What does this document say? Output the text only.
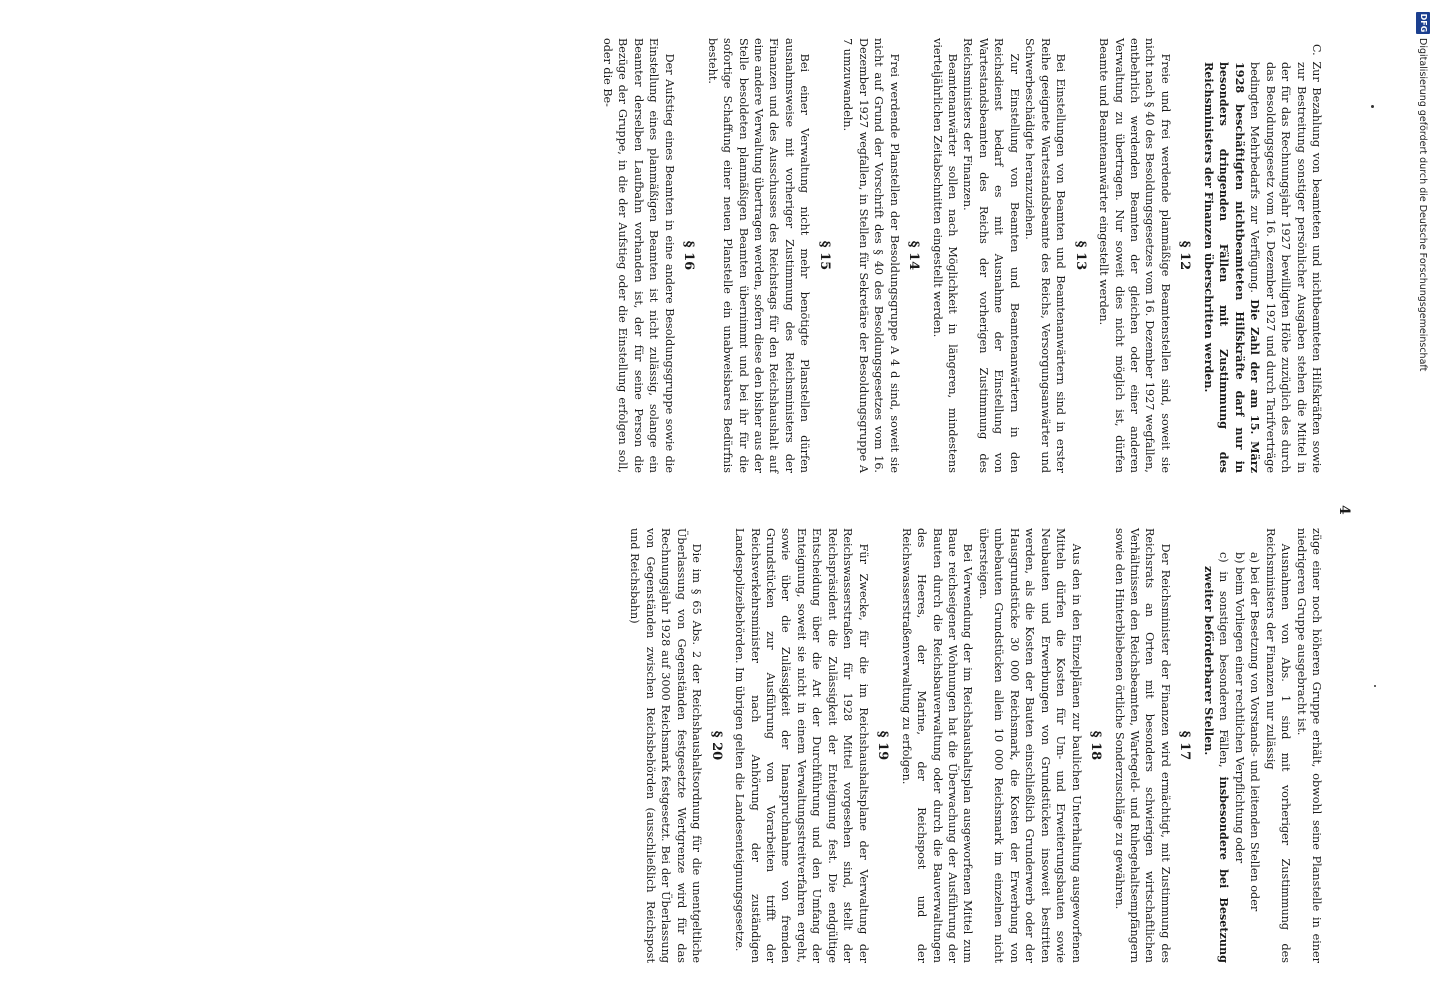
4

C. Zur Bezahlung von beamteten und nichtbeamteten Hilfskräften sowie zur Bestreitung sonstiger persönlicher Ausgaben stehen die Mittel in der für das Rechnungsjahr 1927 bewilligten Höhe zuzüglich des durch das Besoldungsgesetz vom 16. Dezember 1927 und durch Tarifverträge bedingten Mehrbedarfs zur Verfügung. Die Zahl der am 15. März 1928 beschäftigten nichtbeamteten Hilfskräfte darf nur in besonders dringenden Fällen mit Zustimmung des Reichsministers der Finanzen überschritten werden.

§ 12

Freie und frei werdende planmäßige Beamtenstellen sind, soweit sie nicht nach § 40 des Besoldungsgesetzes vom 16. Dezember 1927 wegfallen, entbehrlich werdenden Beamten der gleichen oder einer anderen Verwaltung zu übertragen. Nur soweit dies nicht möglich ist, dürfen Beamte und Beamtenanwärter eingestellt werden.

§ 13

Bei Einstellungen von Beamten und Beamtenanwärtern sind in erster Reihe geeignete Wartestandsbeamte des Reichs, Versorgungsanwärter und Schwerbeschädigte heranzuziehen.

Zur Einstellung von Beamten und Beamtenanwärtern in den Reichsdienst bedarf es mit Ausnahme der Einstellung von Wartestandsbeamten des Reichs der vorherigen Zustimmung des Reichsministers der Finanzen.

Beamtenanwärter sollen nach Möglichkeit in längeren, mindestens vierteljährlichen Zeitabschnitten eingestellt werden.

§ 14

Frei werdende Planstellen der Besoldungsgruppe A 4 d sind, soweit sie nicht auf Grund der Vorschrift des § 40 des Besoldungsgesetzes vom 16. Dezember 1927 wegfallen, in Stellen für Sekretäre der Besoldungsgruppe A 7 umzuwandeln.

§ 15

Bei einer Verwaltung nicht mehr benötigte Planstellen dürfen ausnahmsweise mit vorheriger Zustimmung des Reichsministers der Finanzen und des Ausschusses des Reichstags für den Reichshaushalt auf eine andere Verwaltung übertragen werden, sofern diese den bisher aus der Stelle besoldeten planmäßigen Beamten übernimmt und bei ihr für die sofortige Schaffung einer neuen Planstelle ein unabweisbares Bedürfnis besteht.

§ 16

Der Aufstieg eines Beamten in eine andere Besoldungsgruppe sowie die Einstellung eines planmäßigen Beamten ist nicht zulässig, solange ein Beamter derselben Laufbahn vorhanden ist, der für seine Person die Bezüge der Gruppe, in die der Aufstieg oder die Einstellung erfolgen soll, oder die Be-

züge einer noch höheren Gruppe erhält, obwohl seine Planstelle in einer niedrigeren Gruppe ausgebracht ist.

Ausnahmen von Abs. 1 sind mit vorheriger Zustimmung des Reichsministers der Finanzen nur zulässig

a) bei der Besetzung von Vorstands- und leitenden Stellen oder

b) beim Vorliegen einer rechtlichen Verpflichtung oder

c) in sonstigen besonderen Fällen, insbesondere bei Besetzung zweiter beförderbarer Stellen.

§ 17

Der Reichsminister der Finanzen wird ermächtigt, mit Zustimmung des Reichsrats an Orten mit besonders schwierigen wirtschaftlichen Verhältnissen den Reichsbeamten, Wartegeld- und Ruhegehaltsempfängern sowie den Hinterbliebenen örtliche Sonderzuschläge zu gewähren.

§ 18

Aus den in den Einzelplänen zur baulichen Unterhaltung ausgeworfenen Mitteln dürfen die Kosten für Um- und Erweiterungsbauten sowie Neubauten und Erwerbungen von Grundstücken insoweit bestritten werden, als die Kosten der Bauten einschließlich Grunderwerb oder der Hausgrundstücke 30 000 Reichsmark, die Kosten der Erwerbung von unbebauten Grundstücken allein 10 000 Reichsmark im einzelnen nicht übersteigen.

Bei Verwendung der im Reichshaushaltsplan ausgeworfenen Mittel zum Baue reichseigener Wohnungen hat die Überwachung der Ausführung der Bauten durch die Reichsbauverwaltung oder durch die Bauverwaltungen des Heeres, der Marine, der Reichspost und der Reichswasserstraßenverwaltung zu erfolgen.

§ 19

Für Zwecke, für die im Reichshaushaltsplane der Verwaltung der Reichswasserstraßen für 1928 Mittel vorgesehen sind, stellt der Reichspräsident die Zulässigkeit der Enteignung fest. Die endgültige Entscheidung über die Art der Durchführung und den Umfang der Enteignung, soweit sie nicht in einem Verwaltungsstreitverfahren ergeht, sowie über die Zulässigkeit der Inanspruchnahme von fremden Grundstücken zur Ausführung von Vorarbeiten trifft der Reichsverkehrsminister nach Anhörung der zuständigen Landespolizeibehörden. Im übrigen gelten die Landesenteignungsgesetze.

§ 20

Die im § 65 Abs. 2 der Reichshaushaltsordnung für die unentgeltliche Überlassung von Gegenständen festgesetzte Wertgrenze wird für das Rechnungsjahr 1928 auf 3000 Reichsmark festgesetzt. Bei der Überlassung von Gegenständen zwischen Reichsbehörden (ausschließlich Reichspost und Reichsbahn)

DFG
Digitalisierung gefördert durch die Deutsche Forschungsgemeinschaft
